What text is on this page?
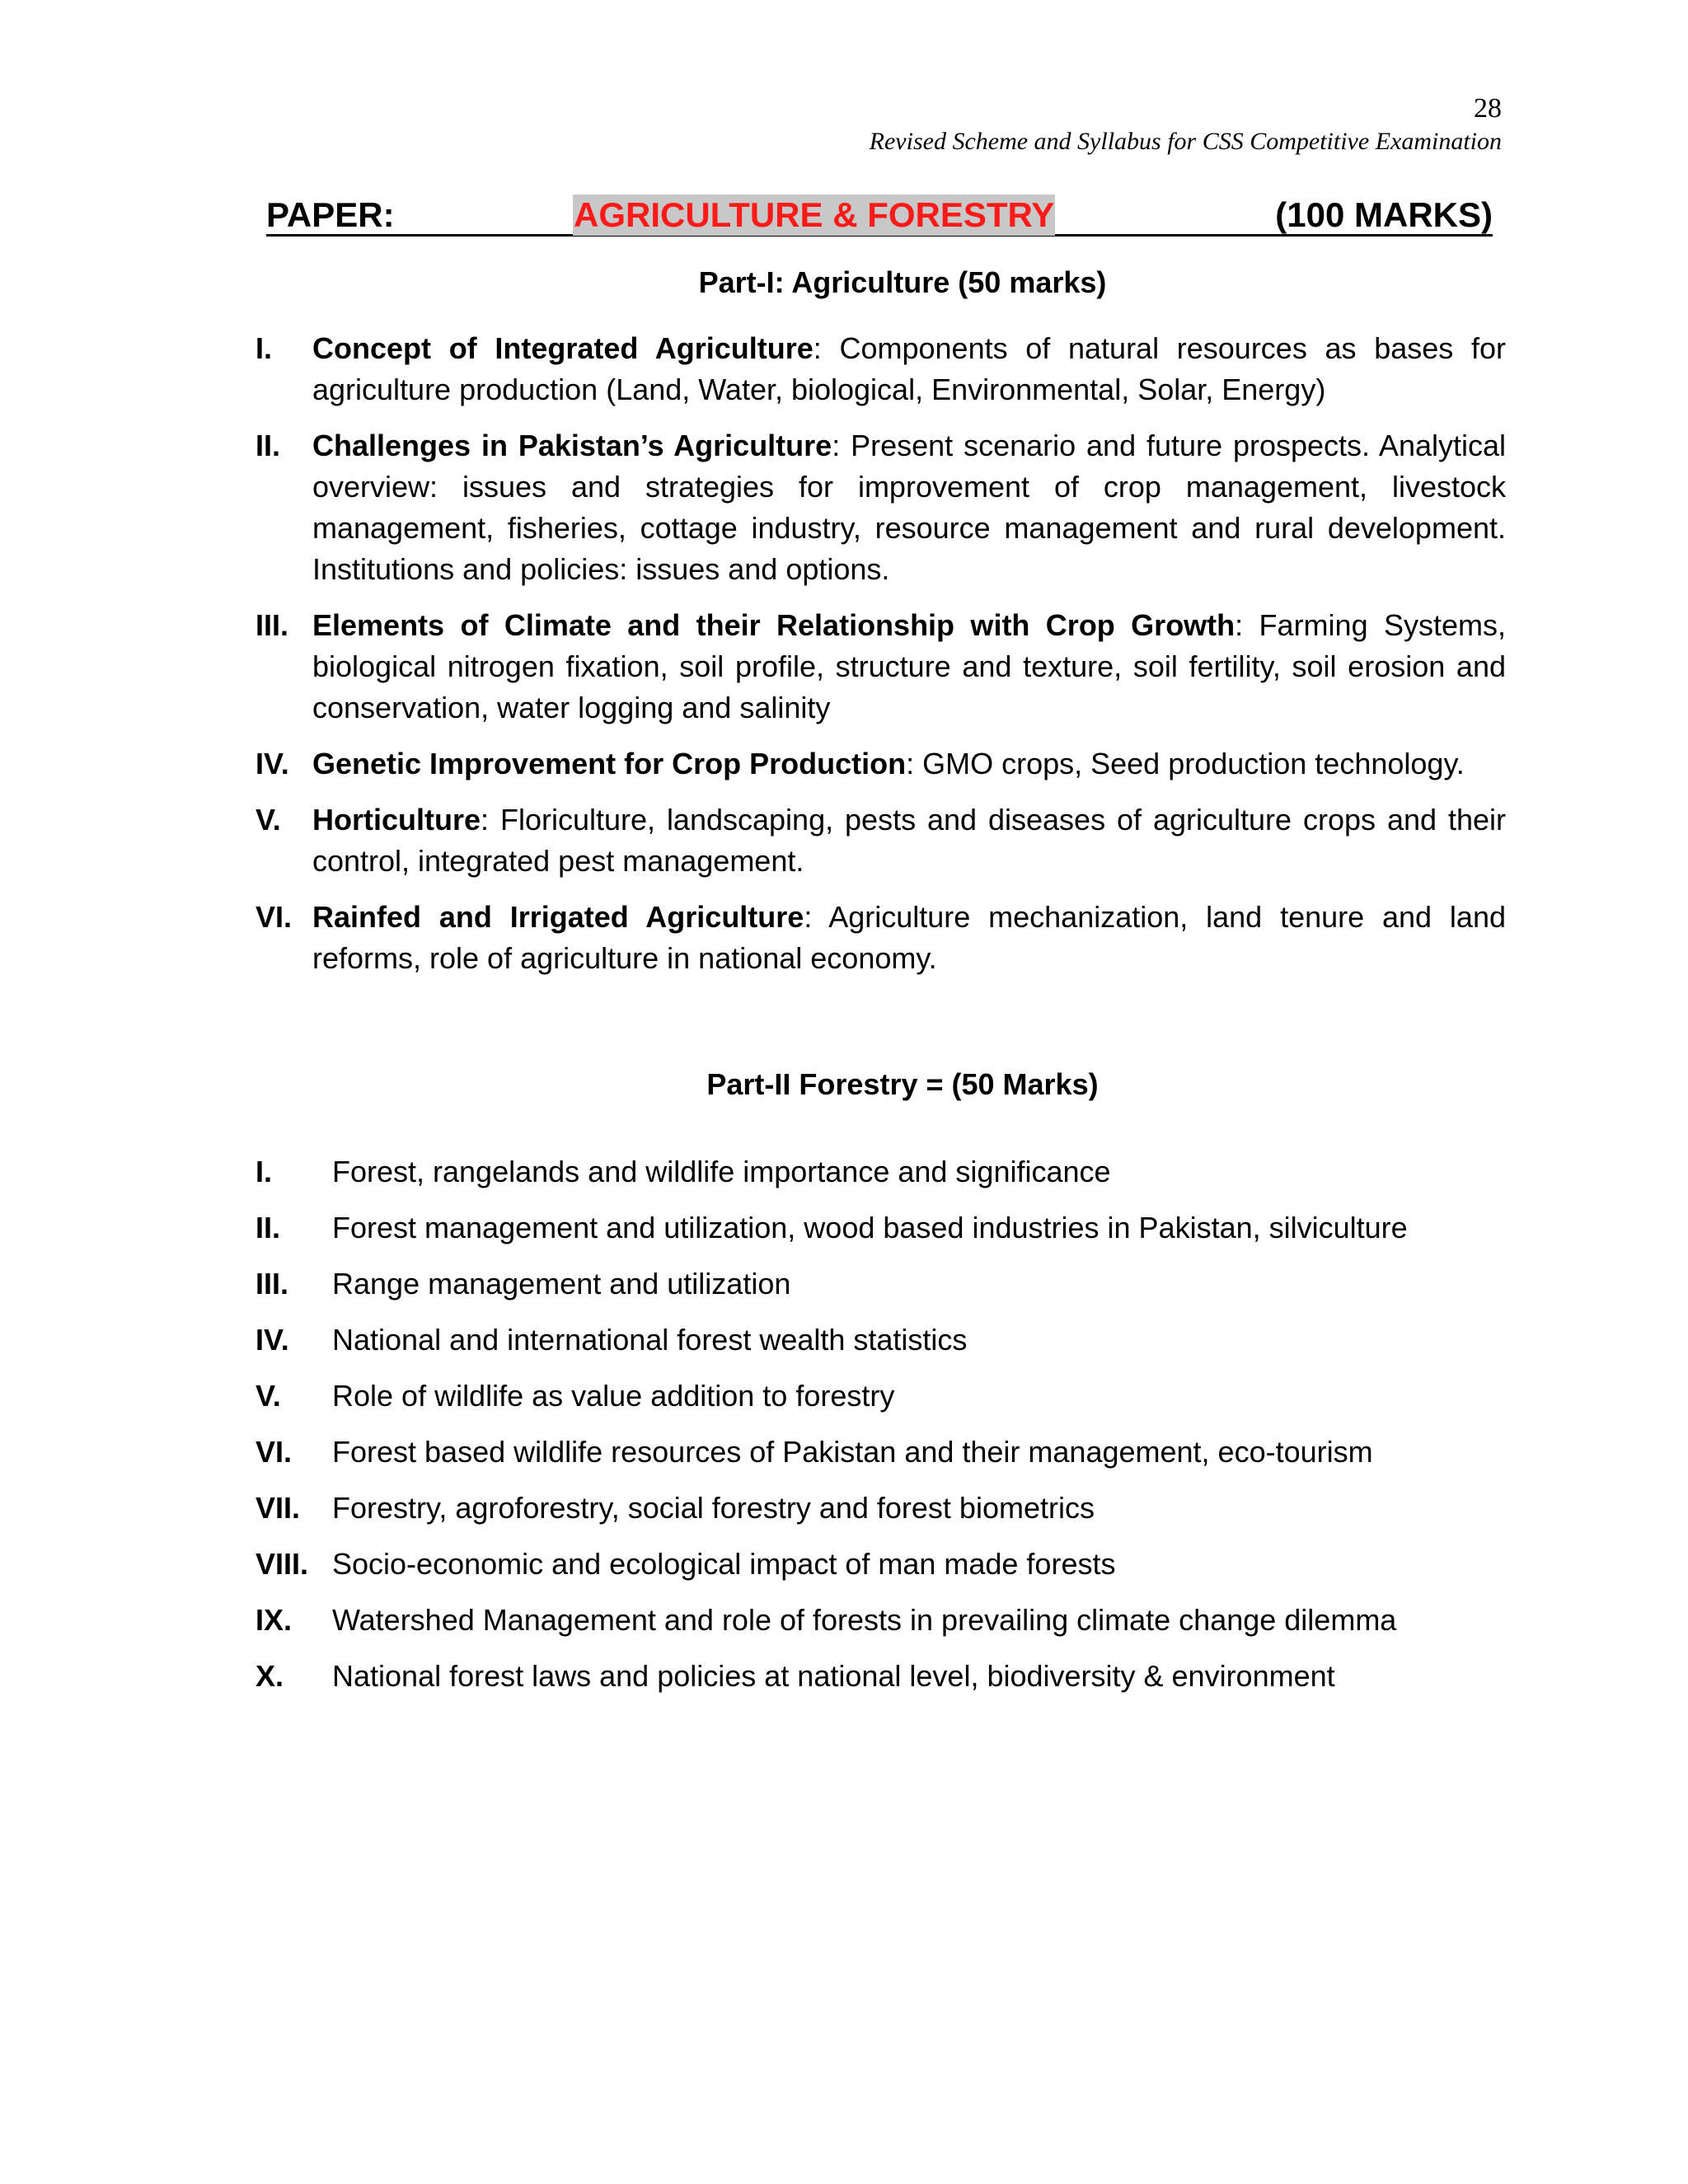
28
Revised Scheme and Syllabus for CSS Competitive Examination
PAPER:	AGRICULTURE & FORESTRY	(100 MARKS)
Part-I: Agriculture (50 marks)
I. Concept of Integrated Agriculture: Components of natural resources as bases for agriculture production (Land, Water, biological, Environmental, Solar, Energy)
II. Challenges in Pakistan’s Agriculture: Present scenario and future prospects. Analytical overview: issues and strategies for improvement of crop management, livestock management, fisheries, cottage industry, resource management and rural development. Institutions and policies: issues and options.
III. Elements of Climate and their Relationship with Crop Growth: Farming Systems, biological nitrogen fixation, soil profile, structure and texture, soil fertility, soil erosion and conservation, water logging and salinity
IV. Genetic Improvement for Crop Production: GMO crops, Seed production technology.
V. Horticulture: Floriculture, landscaping, pests and diseases of agriculture crops and their control, integrated pest management.
VI. Rainfed and Irrigated Agriculture: Agriculture mechanization, land tenure and land reforms, role of agriculture in national economy.
Part-II Forestry = (50 Marks)
I. Forest, rangelands and wildlife importance and significance
II. Forest management and utilization, wood based industries in Pakistan, silviculture
III. Range management and utilization
IV. National and international forest wealth statistics
V. Role of wildlife as value addition to forestry
VI. Forest based wildlife resources of Pakistan and their management, eco-tourism
VII. Forestry, agroforestry, social forestry and forest biometrics
VIII. Socio-economic and ecological impact of man made forests
IX. Watershed Management and role of forests in prevailing climate change dilemma
X. National forest laws and policies at national level, biodiversity & environment
